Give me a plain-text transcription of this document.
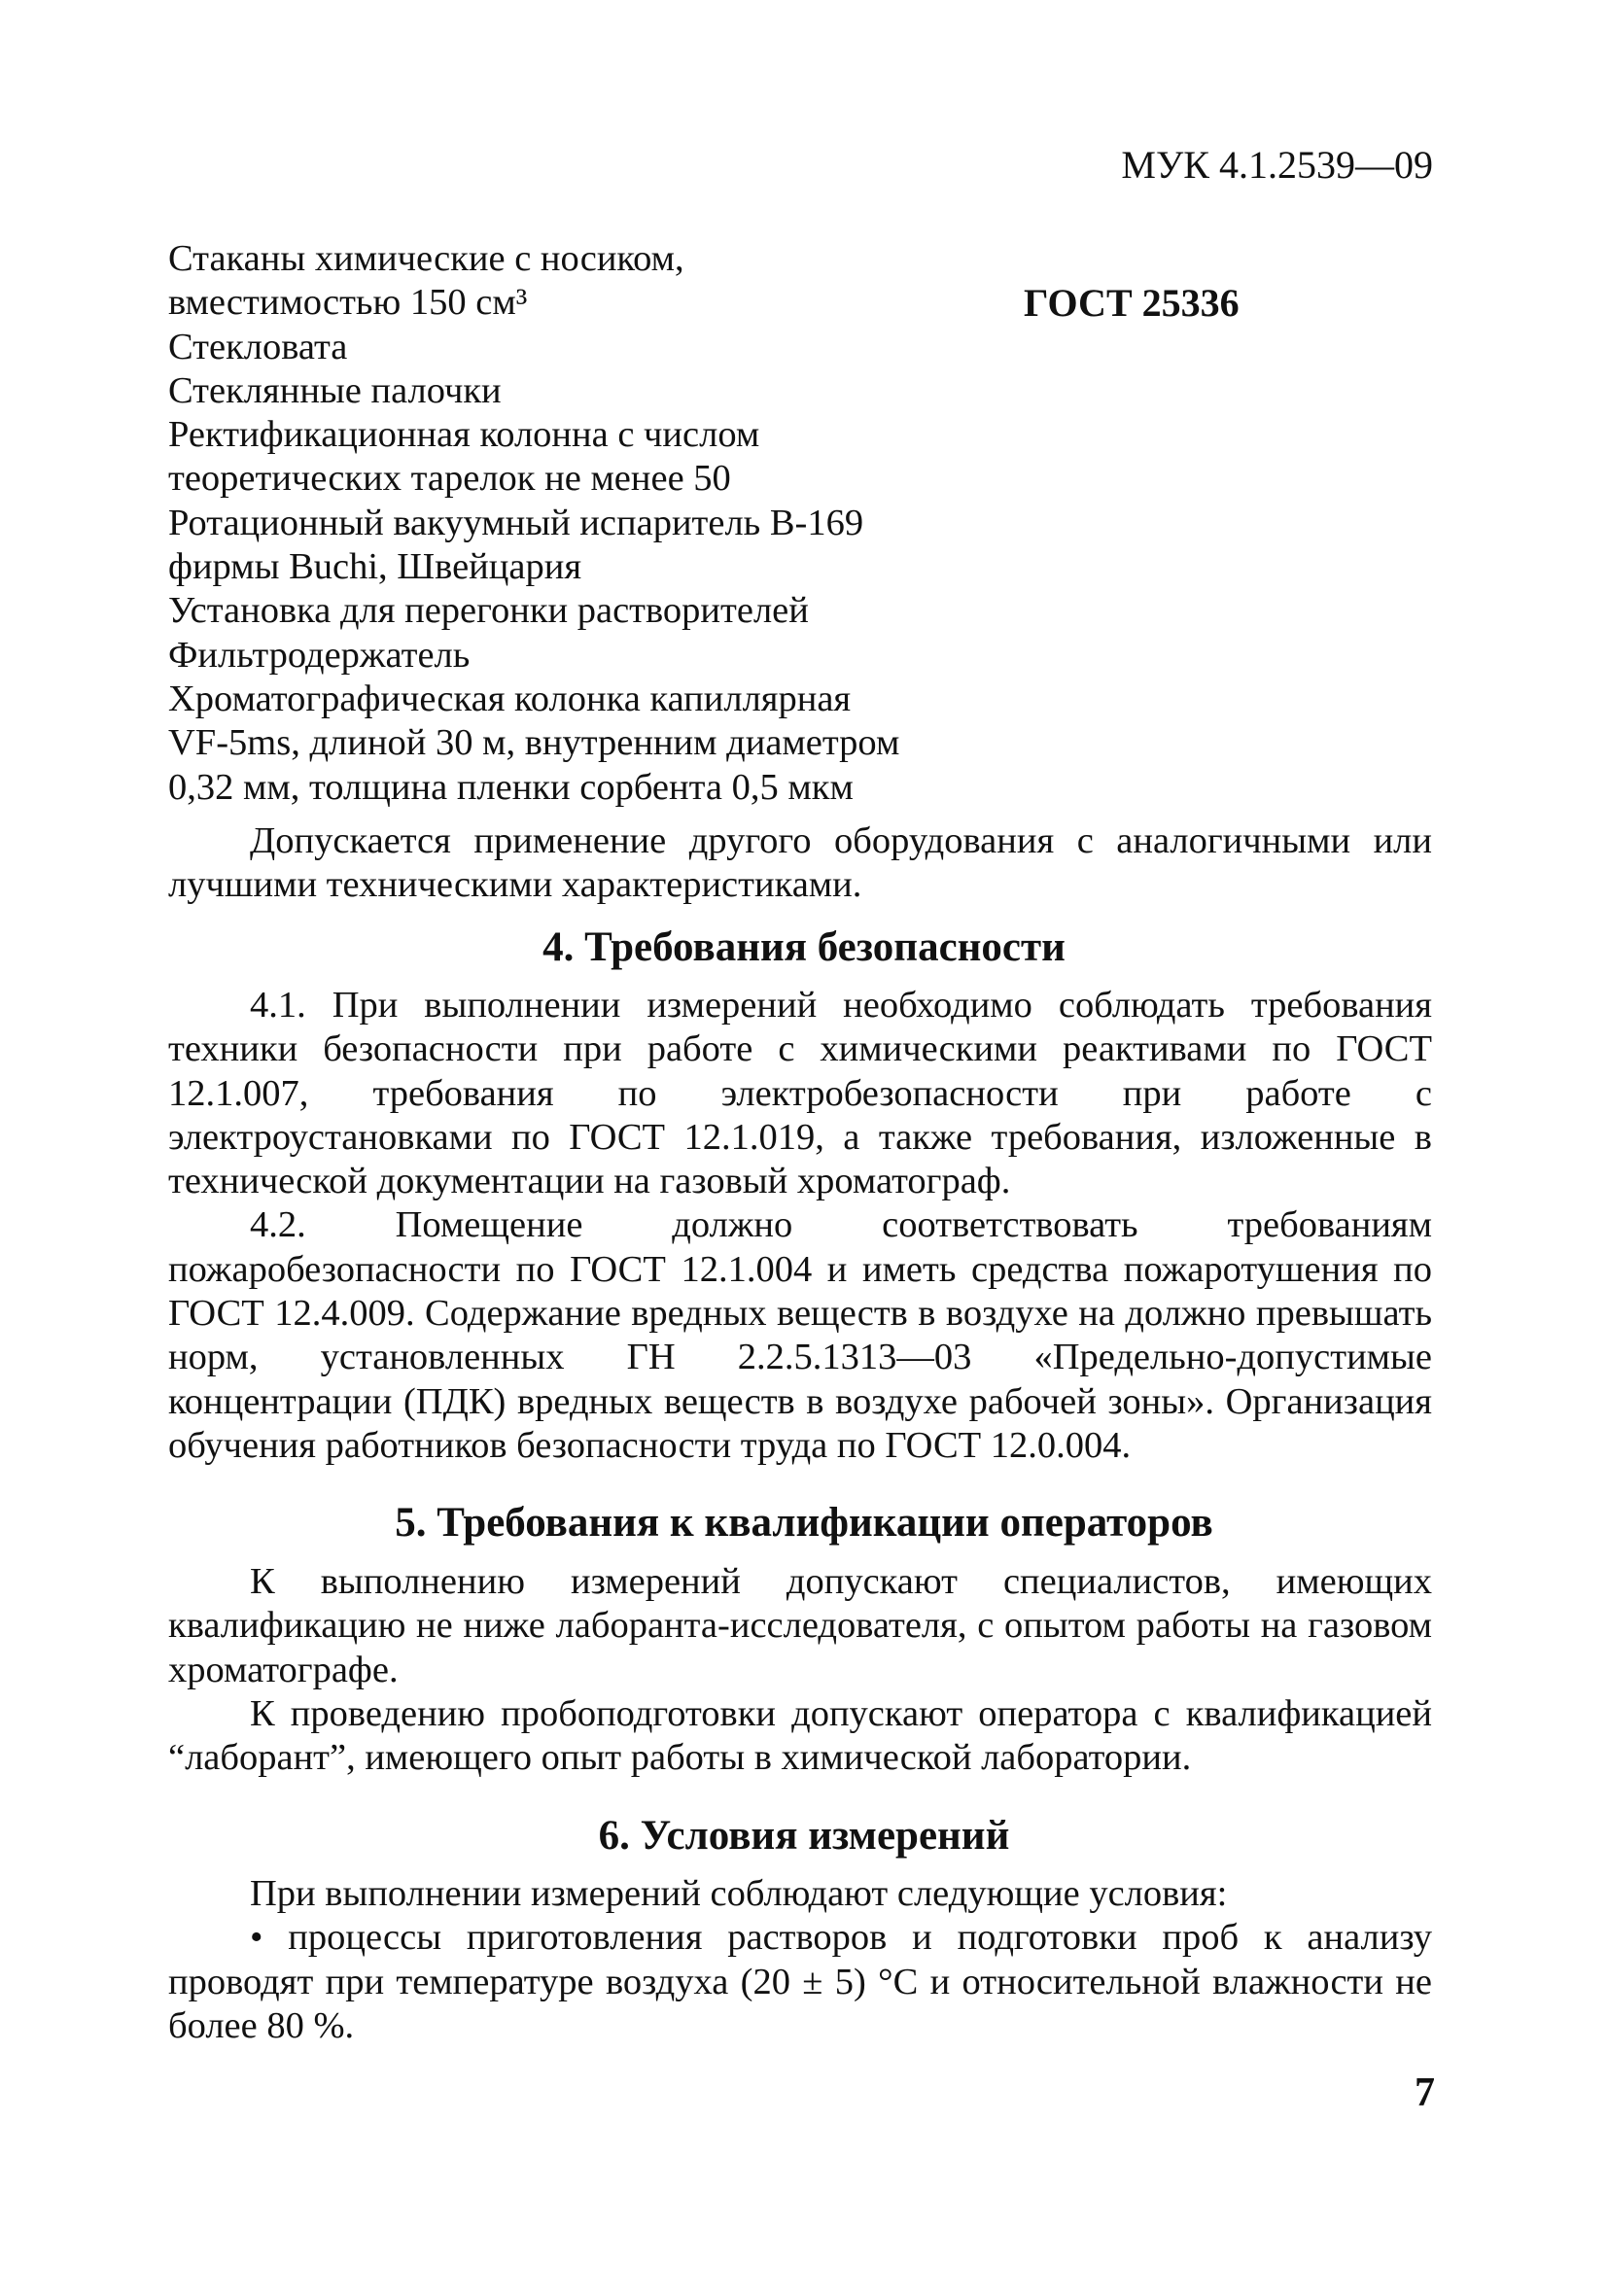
МУК 4.1.2539—09
Стаканы химические с носиком,
вместимостью 150 см³	ГОСТ 25336
Стекловата
Стеклянные палочки
Ректификационная колонна с числом
теоретических тарелок не менее 50
Ротационный вакуумный испаритель В-169
фирмы Buchi, Швейцария
Установка для перегонки растворителей
Фильтродержатель
Хроматографическая колонка капиллярная
VF-5ms, длиной 30 м, внутренним диаметром
0,32 мм, толщина пленки сорбента 0,5 мкм

Допускается применение другого оборудования с аналогичными или лучшими техническими характеристиками.

4. Требования безопасности

4.1. При выполнении измерений необходимо соблюдать требования техники безопасности при работе с химическими реактивами по ГОСТ 12.1.007, требования по электробезопасности при работе с электроустановками по ГОСТ 12.1.019, а также требования, изложенные в технической документации на газовый хроматограф.

4.2. Помещение должно соответствовать требованиям пожаробезопасности по ГОСТ 12.1.004 и иметь средства пожаротушения по ГОСТ 12.4.009. Содержание вредных веществ в воздухе на должно превышать норм, установленных ГН 2.2.5.1313—03 «Предельно-допустимые концентрации (ПДК) вредных веществ в воздухе рабочей зоны». Организация обучения работников безопасности труда по ГОСТ 12.0.004.

5. Требования к квалификации операторов

К выполнению измерений допускают специалистов, имеющих квалификацию не ниже лаборанта-исследователя, с опытом работы на газовом хроматографе.

К проведению пробоподготовки допускают оператора с квалификацией “лаборант”, имеющего опыт работы в химической лаборатории.

6. Условия измерений

При выполнении измерений соблюдают следующие условия:

• процессы приготовления растворов и подготовки проб к анализу проводят при температуре воздуха (20 ± 5) °С и относительной влажности не более 80 %.

7
